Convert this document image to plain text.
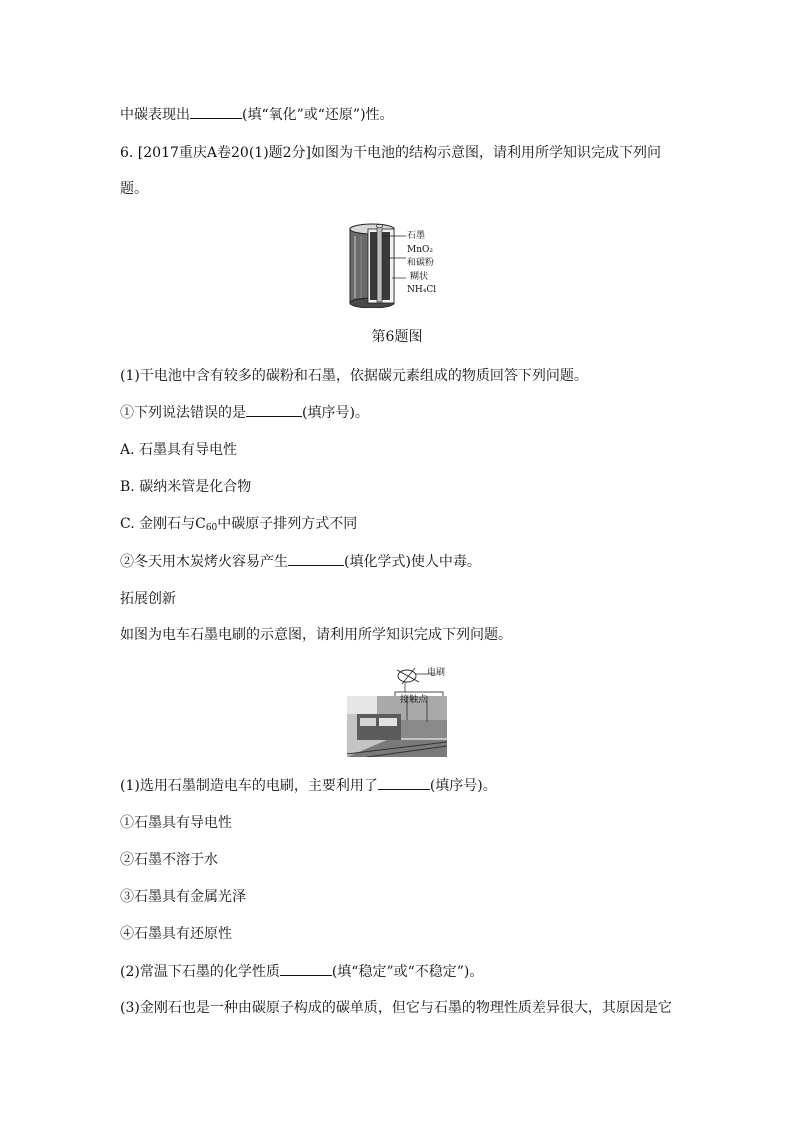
中碳表现出	(填“氧化”或“还原”)性。
6. [2017重庆A卷20(1)题2分]如图为干电池的结构示意图，请利用所学知识完成下列问
题。
石墨
MnO₂
和碳粉
糊状
NH₄Cl
第6题图
(1)干电池中含有较多的碳粉和石墨，依据碳元素组成的物质回答下列问题。
①下列说法错误的是	(填序号)。
A. 石墨具有导电性
B. 碳纳米管是化合物
C. 金刚石与$C_{60}$中碳原子排列方式不同
②冬天用木炭烤火容易产生	(填化学式)使人中毒。
拓展创新
如图为电车石墨电刷的示意图，请利用所学知识完成下列问题。
电刷
接触点
(1)选用石墨制造电车的电刷，主要利用了	(填序号)。
①石墨具有导电性
②石墨不溶于水
③石墨具有金属光泽
④石墨具有还原性
(2)常温下石墨的化学性质	(填“稳定”或“不稳定”)。
(3)金刚石也是一种由碳原子构成的碳单质，但它与石墨的物理性质差异很大，其原因是它
